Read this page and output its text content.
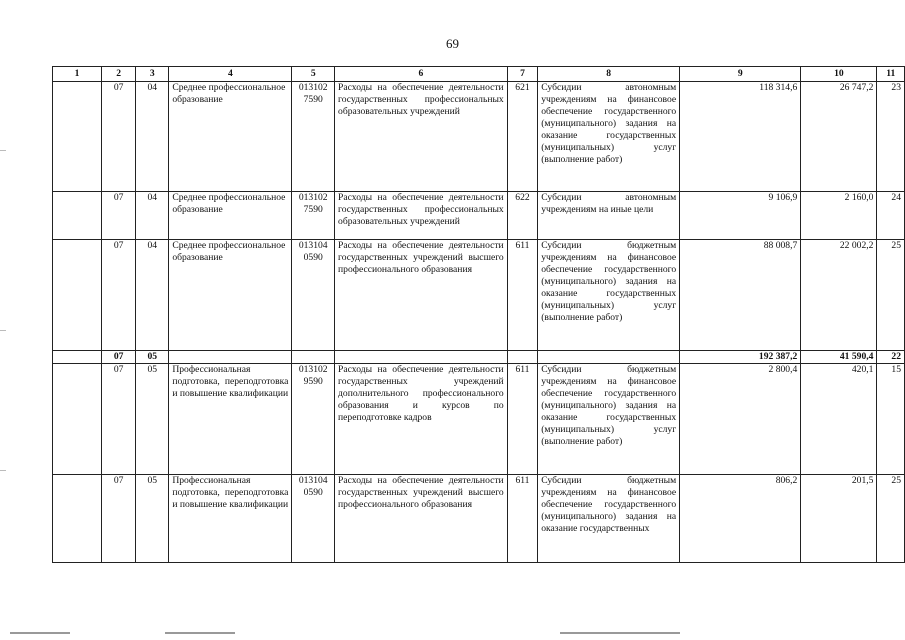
69
1	2	3	4	5	6	7	8	9	10	11
	07	04	Среднее профессиональное образование	013102 7590	Расходы на обеспечение деятельности государственных профессиональных образовательных учреждений	621	Субсидии автономным учреждениям на финансовое обеспечение государственного (муниципального) задания на оказание государственных (муниципальных) услуг (выполнение работ)	118 314,6	26 747,2	23
	07	04	Среднее профессиональное образование	013102 7590	Расходы на обеспечение деятельности государственных профессиональных образовательных учреждений	622	Субсидии автономным учреждениям на иные цели	9 106,9	2 160,0	24
	07	04	Среднее профессиональное образование	013104 0590	Расходы на обеспечение деятельности государственных учреждений высшего профессионального образования	611	Субсидии бюджетным учреждениям на финансовое обеспечение государственного (муниципального) задания на оказание государственных (муниципальных) услуг (выполнение работ)	88 008,7	22 002,2	25
	07	05						192 387,2	41 590,4	22
	07	05	Профессиональная подготовка, переподготовка и повышение квалификации	013102 9590	Расходы на обеспечение деятельности государственных учреждений дополнительного профессионального образования и курсов по переподготовке кадров	611	Субсидии бюджетным учреждениям на финансовое обеспечение государственного (муниципального) задания на оказание государственных (муниципальных) услуг (выполнение работ)	2 800,4	420,1	15
	07	05	Профессиональная подготовка, переподготовка и повышение квалификации	013104 0590	Расходы на обеспечение деятельности государственных учреждений высшего профессионального образования	611	Субсидии бюджетным учреждениям на финансовое обеспечение государственного (муниципального) задания на оказание государственных	806,2	201,5	25
